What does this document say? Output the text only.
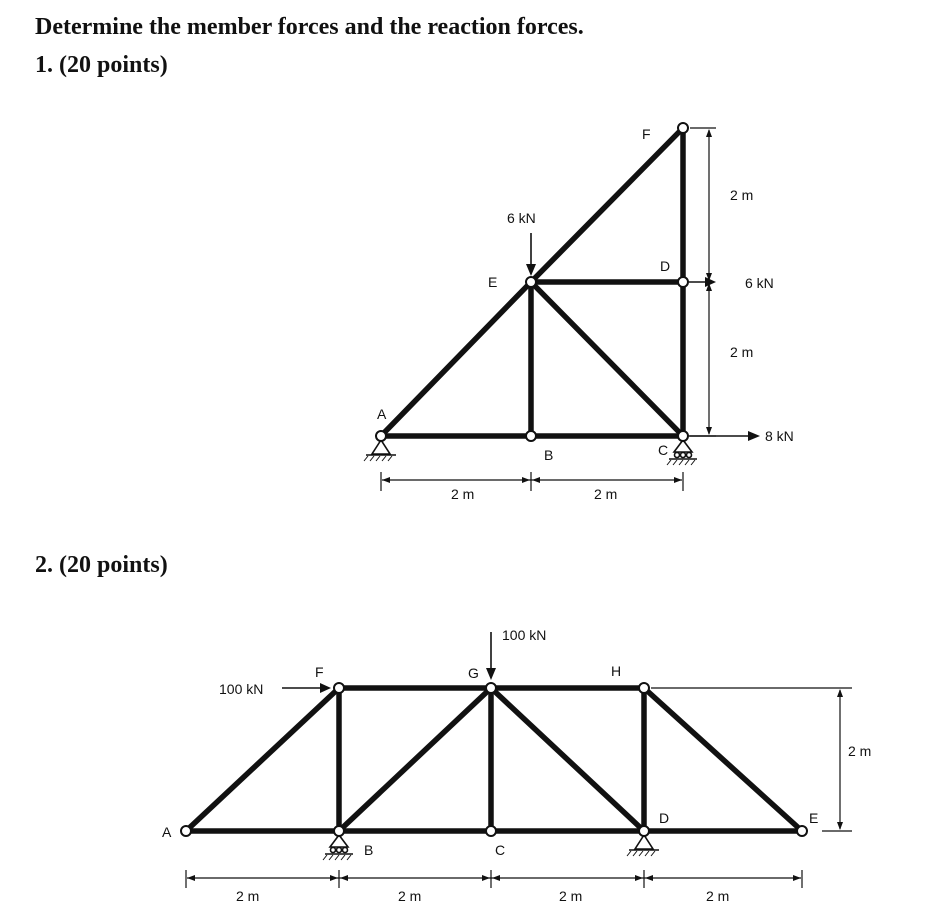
Determine the member forces and the reaction forces.
1. (20 points)
2. (20 points)
A
B	C
D
E
F
6 kN
6 kN
8 kN
2 m
2 m
2 m	2 m
A
B	C
D	E
F	G	H
100 kN
100 kN
2 m
2 m	2 m	2 m	2 m
